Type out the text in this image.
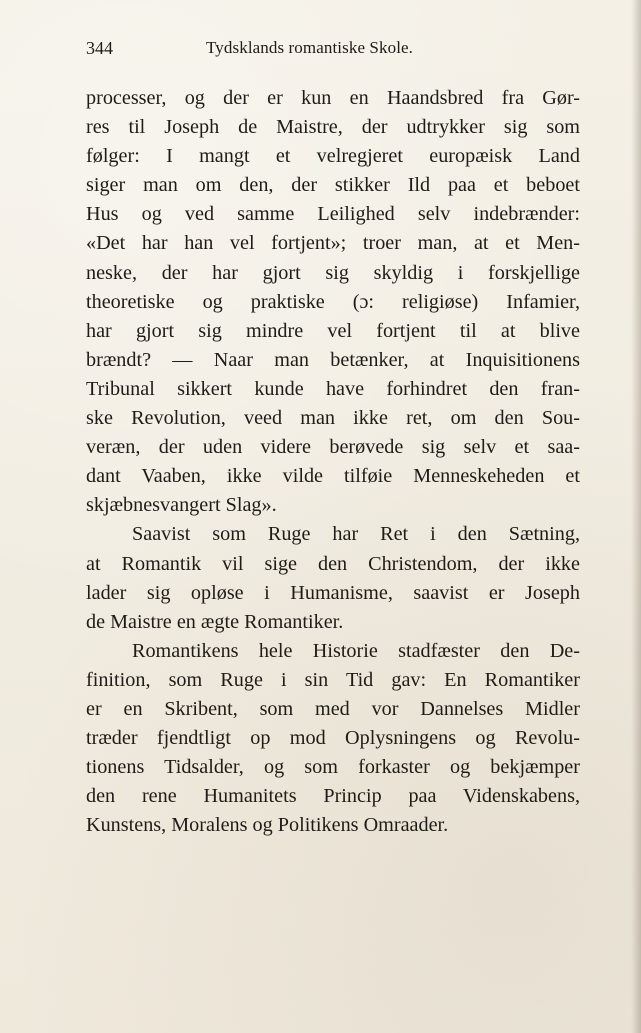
344	Tydsklands romantiske Skole.
processer, og der er kun en Haandsbred fra Gør-
res til Joseph de Maistre, der udtrykker sig som
følger: I mangt et velregjeret europæisk Land
siger man om den, der stikker Ild paa et beboet
Hus og ved samme Leilighed selv indebrænder:
«Det har han vel fortjent»; troer man, at et Men-
neske, der har gjort sig skyldig i forskjellige
theoretiske og praktiske (ɔ: religiøse) Infamier,
har gjort sig mindre vel fortjent til at blive
brændt? — Naar man betænker, at Inquisitionens
Tribunal sikkert kunde have forhindret den fran-
ske Revolution, veed man ikke ret, om den Sou-
veræn, der uden videre berøvede sig selv et saa-
dant Vaaben, ikke vilde tilføie Menneskeheden et
skjæbnesvangert Slag».
Saavist som Ruge har Ret i den Sætning,
at Romantik vil sige den Christendom, der ikke
lader sig opløse i Humanisme, saavist er Joseph
de Maistre en ægte Romantiker.
Romantikens hele Historie stadfæster den De-
finition, som Ruge i sin Tid gav: En Romantiker
er en Skribent, som med vor Dannelses Midler
træder fjendtligt op mod Oplysningens og Revolu-
tionens Tidsalder, og som forkaster og bekjæmper
den rene Humanitets Princip paa Videnskabens,
Kunstens, Moralens og Politikens Omraader.
